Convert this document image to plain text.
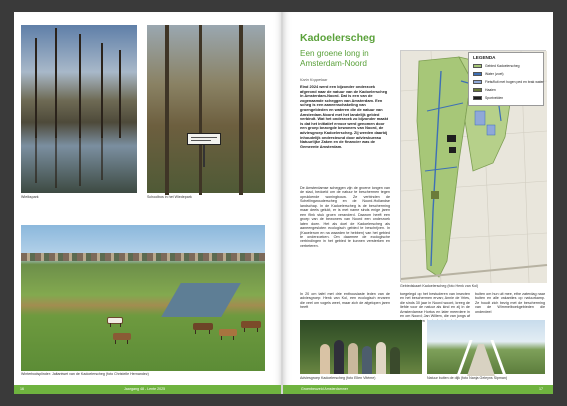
Wieikspark	Schoolbos in het Wiedepark
Winterbodsplinder: Jaltantwet van de Kadoelerscheg (foto Christelle Hernandez)
16	Jaargang 48 - Lente 2025
Kadoelerscheg
Een groene long in Amsterdam-Noord
Karin Koppelaar
Eind 2024 werd een bijzonder onderzoek afgerond naar de natuur van de Kadoelerscheg in Amsterdam-Noord. Dat is een van de zogenaamde scheggen van Amsterdam. Een scheg is een aaneenschakeling van groengebieden en wateren die de natuur van Amsterdam-Noord met het landelijk gebied verbindt. Wat het onderzoek zo bijzonder maakt is dat het initiatief ervoor werd genomen door een groep bezorgde bewoners van Noord, de adviesgroep Kadoelerscheg. Zij werden daarbij inhoudelijk ondersteund door adviesbureau Natuurlijke Zaken en de financier was de Gemeente Amsterdam.
De Amsterdamse scheggen zijn de groene longen van de stad, bedoeld om de natuur te beschermen tegen oprukkende woningbouw. Ze verbinden de Schellingwouderscheg en de Noord-Hollandse landschap. In de Kadoelerscheg is de bescherming maar deels gelukt, er is met name sinds enige jaren een flink stuk groen veranderd. Daarom heeft een groep van de bewoners van Noord een onderzoek laten doen. Het als doel de Kadoelerscheg als aaneengesloten ecologisch gebied te beschrijven. In (Kaoelerum en na waarden te hebben) van het gebied te onderzoeken. Om daarmee de ecologische verbindingen in het gebied te kunnen versterken en verbeteren.
In 20 om tafel met drie enthousiaste leden van de adviesgroep: Henk van Kol, een ecologisch ervaren die veel om vogels weet, maar zich de afgelopen jaren heeft
toegelegd op het bestuderen van insecten en het beschermen ervan; Annie de Vries, die sinds 30 jaar in Noord woont, kreeg de liefde voor de natuur als kind en zij in de Amsterdamse Hortus en later meerdere in en om Noord; Jan Willem, die van jongs af
buiten om hun uit mee, ethe zaterdag naar buiten en alle vakanties op natuurkamp. Ze houdt zich bezig met de bescherming van de Wimmelboekgebieden die onderdeel
LEGENDA
Gebied Kadoelerscheg
Water (zoet)
Fiets/fluit met hogen ped en brak water
Haaien
Sportvelden
Gebiedskaart Kadoelerscheg (foto Henk van Kol)
Adviesgroep Kadoelerscheg (foto Ellen Vitéme)	Natuur buiten de dijk (foto Nanja Geleyns Sipman)
Groenbeuzeld Amsterdamner	17
